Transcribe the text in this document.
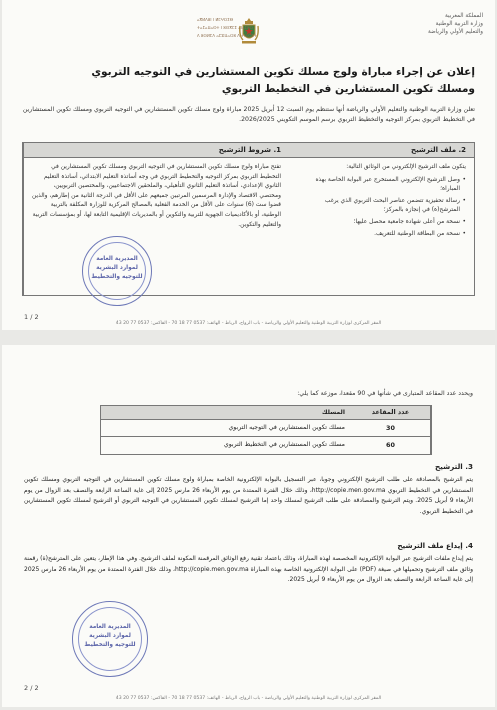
المملكة المغربية
وزارة التربية الوطنية
والتعليم الأولي والرياضة
ⴰⴳⵍⴷⵓⵏ ⵏ ⵍⵎⵖⵔⵉⴱ
ⵜⴰⵎⴰⵡⴰⵙⵜ ⵏ ⵓⵙⴳⵎⵉ ⴰⵏⴰⵎⵓⵔ
ⴷ ⵓⵙⵍⵎⴷ ⴰⵎⵣⵡⴰⵔⵓ ⴷ ⵜⵏⴰⵔⵉⵜ
إعلان عن إجراء مباراة ولوج مسلك تكوين المستشارين في التوجيه التربوي
ومسلك تكوين المستشارين في التخطيط التربوي
تعلن وزارة التربية الوطنية والتعليم الأولي والرياضة أنها ستنظم يوم السبت 12 أبريل 2025 مباراة ولوج مسلك تكوين المستشارين في التوجيه التربوي ومسلك تكوين المستشارين في التخطيط التربوي بمركز التوجيه والتخطيط التربوي برسم الموسم التكويني 2026/2025.
1. شروط الترشيح

تفتح مباراة ولوج مسلك تكوين المستشارين في التوجيه التربوي ومسلك تكوين المستشارين في التخطيط التربوي بمركز التوجيه والتخطيط التربوي في وجه أساتذة التعليم الابتدائي، أساتذة التعليم الثانوي الإعدادي، أساتذة التعليم الثانوي التأهيلي، والملحقين الاجتماعيين، والمختصين التربويين، ومختصي الاقتصاد والإدارة المرسمين المرتبين جميعهم على الأقل في الدرجة الثانية من إطارهم، والذين قضوا ست (6) سنوات على الأقل من الخدمة الفعلية بالمصالح المركزية للوزارة المكلفة بالتربية الوطنية، أو بالأكاديميات الجهوية للتربية والتكوين أو بالمديريات الإقليمية التابعة لها، أو بمؤسسات التربية والتعليم والتكوين.

2. ملف الترشيح

يتكون ملف الترشيح الإلكتروني من الوثائق التالية:

• وصل الترشيح الإلكتروني المستخرج عبر البوابة الخاصة بهذه المباراة؛
• رسالة تحفيزية تتضمن عناصر البحث التربوي الذي يرغب المترشح(ة) في إنجازه بالمركز؛
• نسخة من أعلى شهادة جامعية محصل عليها؛
• نسخة من البطاقة الوطنية للتعريف.
المديرية العامة
لموارد البشرية
للتوجيه والتخطيط
1 / 2
المقر المركزي لوزارة التربية الوطنية والتعليم الأولي والرياضة - باب الرواح، الرباط - الهاتف: 0537 77 18 70 - الفاكس: 0537 77 20 43
ويحدد عدد المقاعد المتبارى في شأنها في 90 مقعدا، موزعة كما يلي:
المسلك	عدد المقاعد
مسلك تكوين المستشارين في التوجيه التربوي	30
مسلك تكوين المستشارين في التخطيط التربوي	60
3. الترشيح
يتم الترشيح بالمصادقة على طلب الترشيح الإلكتروني وجوبا، عبر التسجيل بالبوابة الإلكترونية الخاصة بمباراة ولوج مسلك تكوين المستشارين في التوجيه التربوي ومسلك تكوين المستشارين في التخطيط التربوي http://copie.men.gov.ma، وذلك خلال الفترة الممتدة من يوم الأربعاء 26 مارس 2025 إلى غاية الساعة الرابعة والنصف بعد الزوال من يوم الأربعاء 9 أبريل 2025. ويتم الترشيح والمصادقة على طلب الترشيح لمسلك واحد إما الترشيح لمسلك تكوين المستشارين في التوجيه التربوي أو الترشيح لمسلك تكوين المستشارين في التخطيط التربوي.
4. إيداع ملف الترشيح
يتم إيداع ملفات الترشيح عبر البوابة الإلكترونية المخصصة لهذه المباراة، وذلك باعتماد تقنية رفع الوثائق المرقمنة المكونة لملف الترشيح. وفي هذا الإطار، يتعين على المترشح(ة) رقمنة وثائق ملف الترشيح وتحميلها في صيغة (PDF) على البوابة الإلكترونية الخاصة بهذه المباراة http://copie.men.gov.ma، وذلك خلال الفترة الممتدة من يوم الأربعاء 26 مارس 2025 إلى غاية الساعة الرابعة والنصف بعد الزوال من يوم الأربعاء 9 أبريل 2025.
المديرية العامة
لموارد البشرية
للتوجيه والتخطيط
2 / 2
المقر المركزي لوزارة التربية الوطنية والتعليم الأولي والرياضة - باب الرواح، الرباط - الهاتف: 0537 77 18 70 - الفاكس: 0537 77 20 43
